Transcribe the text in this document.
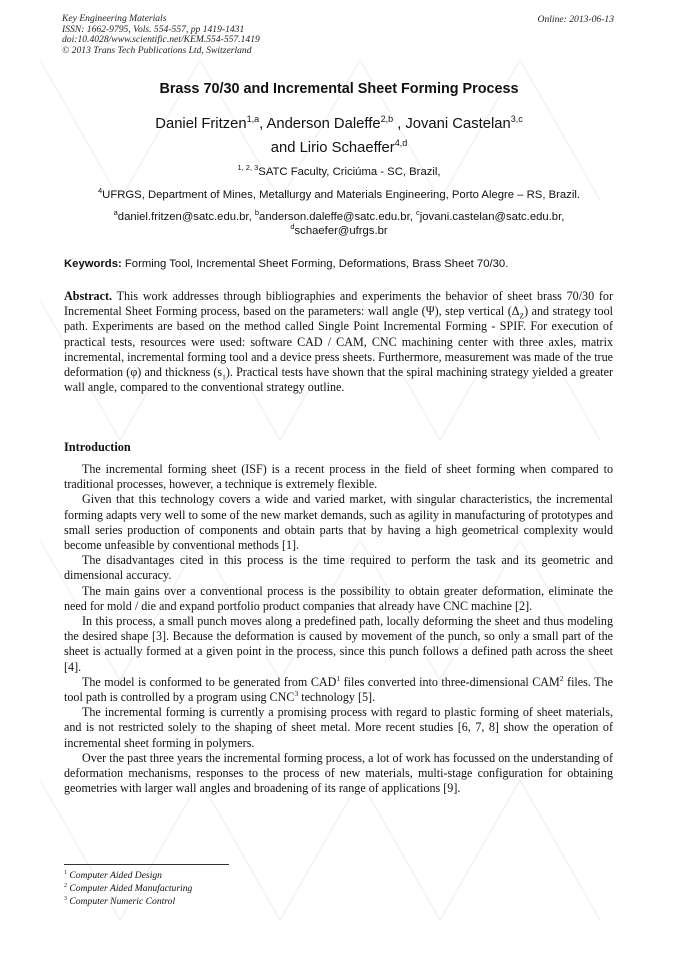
Key Engineering Materials
ISSN: 1662-9795, Vols. 554-557, pp 1419-1431
doi:10.4028/www.scientific.net/KEM.554-557.1419
© 2013 Trans Tech Publications Ltd, Switzerland
Online: 2013-06-13
Brass 70/30 and Incremental Sheet Forming Process
Daniel Fritzen$^{1,a}$, Anderson Daleffe$^{2,b}$ , Jovani Castelan$^{3,c}$
and Lirio Schaeffer$^{4,d}$
$^{1, 2, 3}$SATC Faculty, Criciúma - SC, Brazil,
$^4$UFRGS, Department of Mines, Metallurgy and Materials Engineering, Porto Alegre – RS, Brazil.
$^a$daniel.fritzen@satc.edu.br, $^b$anderson.daleffe@satc.edu.br, $^c$jovani.castelan@satc.edu.br,
$^d$schaefer@ufrgs.br
Keywords: Forming Tool, Incremental Sheet Forming, Deformations, Brass Sheet 70/30.

Abstract. This work addresses through bibliographies and experiments the behavior of sheet brass 70/30 for Incremental Sheet Forming process, based on the parameters: wall angle (Ψ), step vertical $(\Delta_Z)$ and strategy tool path. Experiments are based on the method called Single Point Incremental Forming - SPIF. For execution of practical tests, resources were used: software CAD / CAM, CNC machining center with three axles, matrix incremental, incremental forming tool and a device press sheets. Furthermore, measurement was made of the true deformation (φ) and thickness $(s_1)$. Practical tests have shown that the spiral machining strategy yielded a greater wall angle, compared to the conventional strategy outline.

Introduction

The incremental forming sheet (ISF) is a recent process in the field of sheet forming when compared to traditional processes, however, a technique is extremely flexible.

Given that this technology covers a wide and varied market, with singular characteristics, the incremental forming adapts very well to some of the new market demands, such as agility in manufacturing of prototypes and small series production of components and obtain parts that by having a high geometrical complexity would become unfeasible by conventional methods [1].

The disadvantages cited in this process is the time required to perform the task and its geometric and dimensional accuracy.

The main gains over a conventional process is the possibility to obtain greater deformation, eliminate the need for mold / die and expand portfolio product companies that already have CNC machine [2].

In this process, a small punch moves along a predefined path, locally deforming the sheet and thus modeling the desired shape [3]. Because the deformation is caused by movement of the punch, so only a small part of the sheet is actually formed at a given point in the process, since this punch follows a defined path across the sheet [4].

The model is conformed to be generated from CAD$^1$ files converted into three-dimensional CAM$^2$ files. The tool path is controlled by a program using CNC$^3$ technology [5].

The incremental forming is currently a promising process with regard to plastic forming of sheet materials, and is not restricted solely to the shaping of sheet metal. More recent studies [6, 7, 8] show the operation of incremental sheet forming in polymers.

Over the past three years the incremental forming process, a lot of work has focussed on the understanding of deformation mechanisms, responses to the process of new materials, multi-stage configuration for obtaining geometries with larger wall angles and broadening of its range of applications [9].

$^1$ Computer Aided Design
$^2$ Computer Aided Manufacturing
$^3$ Computer Numeric Control
